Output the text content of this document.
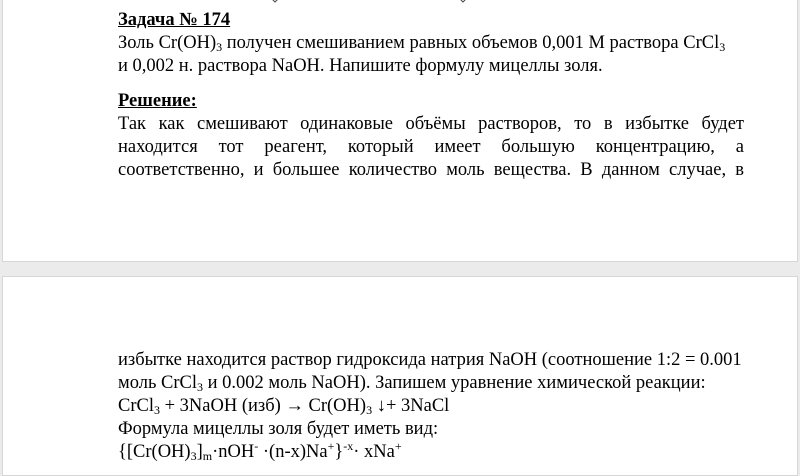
Задача № 174
Золь $Cr(OH)_3$ получен смешиванием равных объемов 0,001 М раствора CrCl$_3$
и 0,002 н. раствора NaOH. Напишите формулу мицеллы золя.
Решение:
Так как смешивают одинаковые объёмы растворов, то в избытке будет
находится тот реагент, который имеет большую концентрацию, а
соответственно, и большее количество моль вещества. В данном случае, в
избытке находится раствор гидроксида натрия NaOH (соотношение 1:2 = 0.001
моль CrCl$_3$ и 0.002 моль NaOH). Запишем уравнение химической реакции:
CrCl$_3$ + 3NaOH $(изб) \to Cr(OH)_3$ ↓+ 3NaCl
Формула мицеллы золя будет иметь вид:
$\{[Cr(OH)_3]_m\cdot nOH^- \cdot(n-x)Na^+\}^{-x}\cdot xNa^+$
